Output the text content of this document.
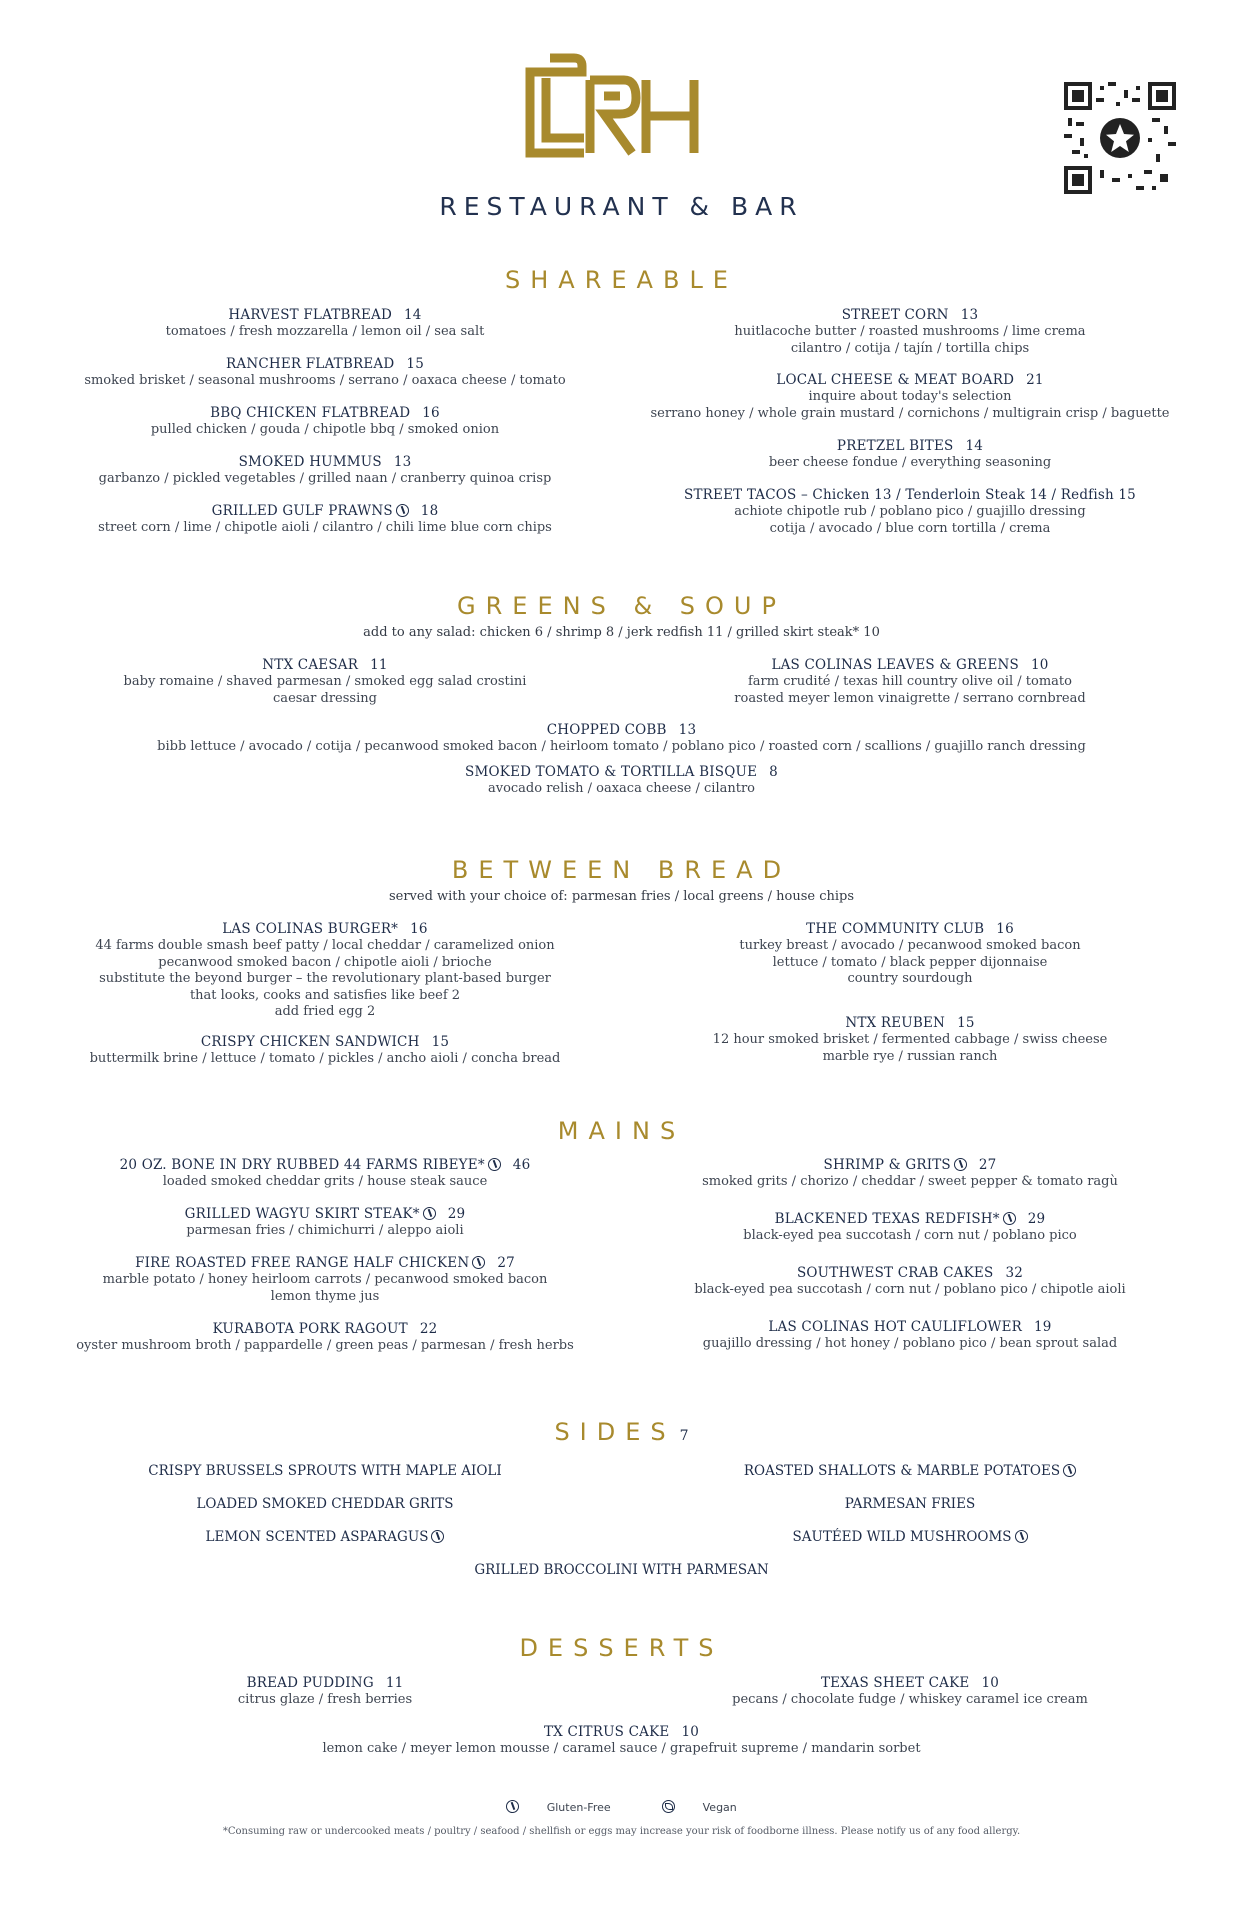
RESTAURANT & BAR
SHAREABLE
HARVEST FLATBREAD 14
tomatoes / fresh mozzarella / lemon oil / sea salt
RANCHER FLATBREAD 15
smoked brisket / seasonal mushrooms / serrano / oaxaca cheese / tomato
BBQ CHICKEN FLATBREAD 16
pulled chicken / gouda / chipotle bbq / smoked onion
SMOKED HUMMUS 13
garbanzo / pickled vegetables / grilled naan / cranberry quinoa crisp
GRILLED GULF PRAWNS 18
street corn / lime / chipotle aioli / cilantro / chili lime blue corn chips
STREET CORN 13
huitlacoche butter / roasted mushrooms / lime crema
cilantro / cotija / tajín / tortilla chips
LOCAL CHEESE & MEAT BOARD 21
inquire about today's selection
serrano honey / whole grain mustard / cornichons / multigrain crisp / baguette
PRETZEL BITES 14
beer cheese fondue / everything seasoning
STREET TACOS – Chicken 13 / Tenderloin Steak 14 / Redfish 15
achiote chipotle rub / poblano pico / guajillo dressing
cotija / avocado / blue corn tortilla / crema
GREENS & SOUP
add to any salad: chicken 6 / shrimp 8 / jerk redfish 11 / grilled skirt steak* 10
NTX CAESAR 11
baby romaine / shaved parmesan / smoked egg salad crostini
caesar dressing
LAS COLINAS LEAVES & GREENS 10
farm crudité / texas hill country olive oil / tomato
roasted meyer lemon vinaigrette / serrano cornbread
CHOPPED COBB 13
bibb lettuce / avocado / cotija / pecanwood smoked bacon / heirloom tomato / poblano pico / roasted corn / scallions / guajillo ranch dressing
SMOKED TOMATO & TORTILLA BISQUE 8
avocado relish / oaxaca cheese / cilantro
BETWEEN BREAD
served with your choice of: parmesan fries / local greens / house chips
LAS COLINAS BURGER* 16
44 farms double smash beef patty / local cheddar / caramelized onion
pecanwood smoked bacon / chipotle aioli / brioche
substitute the beyond burger – the revolutionary plant-based burger
that looks, cooks and satisfies like beef 2
add fried egg 2
CRISPY CHICKEN SANDWICH 15
buttermilk brine / lettuce / tomato / pickles / ancho aioli / concha bread
THE COMMUNITY CLUB 16
turkey breast / avocado / pecanwood smoked bacon
lettuce / tomato / black pepper dijonnaise
country sourdough
NTX REUBEN 15
12 hour smoked brisket / fermented cabbage / swiss cheese
marble rye / russian ranch
MAINS
20 OZ. BONE IN DRY RUBBED 44 FARMS RIBEYE* 46
loaded smoked cheddar grits / house steak sauce
GRILLED WAGYU SKIRT STEAK* 29
parmesan fries / chimichurri / aleppo aioli
FIRE ROASTED FREE RANGE HALF CHICKEN 27
marble potato / honey heirloom carrots / pecanwood smoked bacon
lemon thyme jus
KURABOTA PORK RAGOUT 22
oyster mushroom broth / pappardelle / green peas / parmesan / fresh herbs
SHRIMP & GRITS 27
smoked grits / chorizo / cheddar / sweet pepper & tomato ragù
BLACKENED TEXAS REDFISH* 29
black-eyed pea succotash / corn nut / poblano pico
SOUTHWEST CRAB CAKES 32
black-eyed pea succotash / corn nut / poblano pico / chipotle aioli
LAS COLINAS HOT CAULIFLOWER 19
guajillo dressing / hot honey / poblano pico / bean sprout salad
SIDES 7
CRISPY BRUSSELS SPROUTS WITH MAPLE AIOLI
LOADED SMOKED CHEDDAR GRITS
LEMON SCENTED ASPARAGUS
ROASTED SHALLOTS & MARBLE POTATOES
PARMESAN FRIES
SAUTÉED WILD MUSHROOMS
GRILLED BROCCOLINI WITH PARMESAN
DESSERTS
BREAD PUDDING 11
citrus glaze / fresh berries
TEXAS SHEET CAKE 10
pecans / chocolate fudge / whiskey caramel ice cream
TX CITRUS CAKE 10
lemon cake / meyer lemon mousse / caramel sauce / grapefruit supreme / mandarin sorbet
Gluten-Free	Vegan
*Consuming raw or undercooked meats / poultry / seafood / shellfish or eggs may increase your risk of foodborne illness. Please notify us of any food allergy.
